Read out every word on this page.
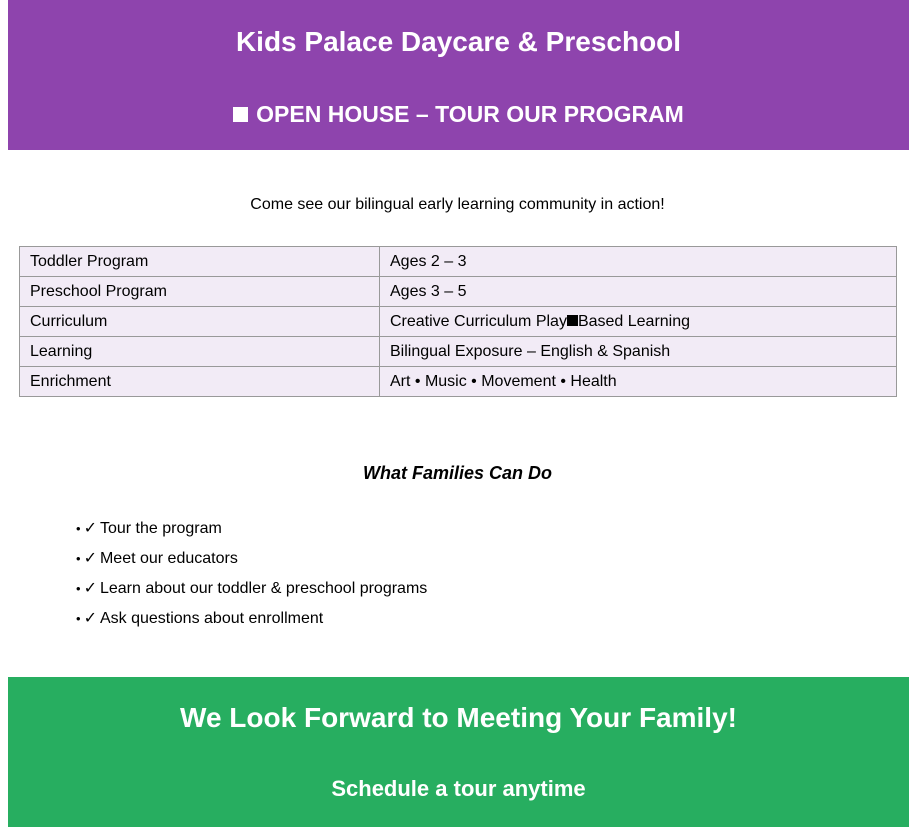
Kids Palace Daycare & Preschool
OPEN HOUSE – TOUR OUR PROGRAM

Come see our bilingual early learning community in action!

Toddler Program	Ages 2 – 3
Preschool Program	Ages 3 – 5
Curriculum	Creative Curriculum Play Based Learning
Learning	Bilingual Exposure – English & Spanish
Enrichment	Art • Music • Movement • Health
What Families Can Do
• ✓ Tour the program
• ✓ Meet our educators
• ✓ Learn about our toddler & preschool programs
• ✓ Ask questions about enrollment
We Look Forward to Meeting Your Family!
Schedule a tour anytime
